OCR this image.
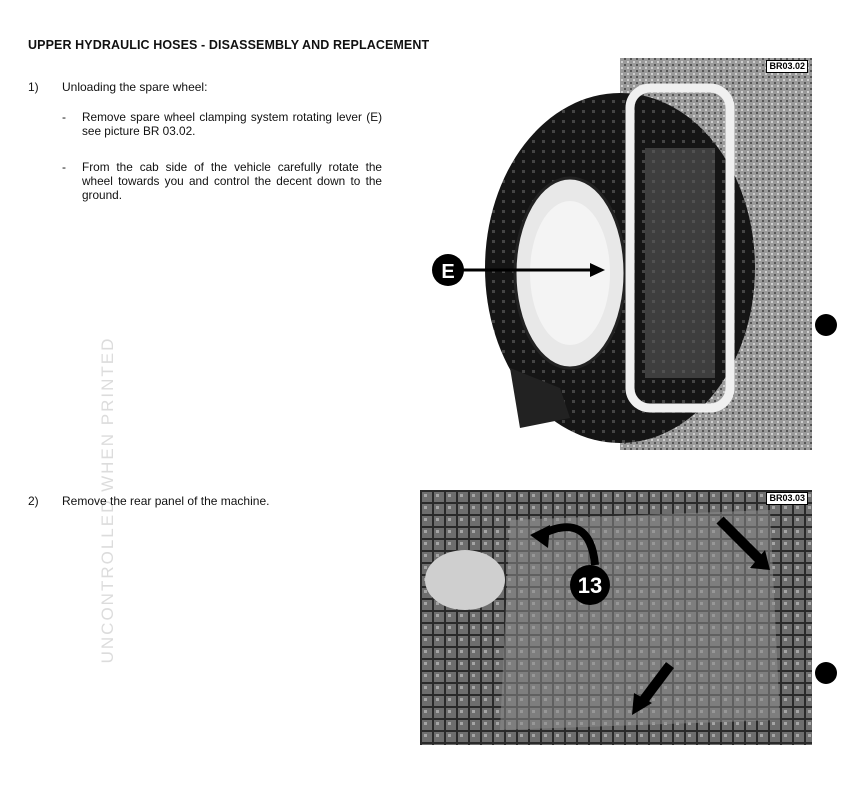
UNCONTROLLED WHEN PRINTED
UPPER HYDRAULIC HOSES - DISASSEMBLY AND REPLACEMENT
1) Unloading the spare wheel:
- Remove spare wheel clamping system rotating lever (E) see picture BR 03.02.
- From the cab side of the vehicle carefully rotate the wheel towards you and control the decent down to the ground.
2) Remove the rear panel of the machine.
E
BR03.02
13
BR03.03
